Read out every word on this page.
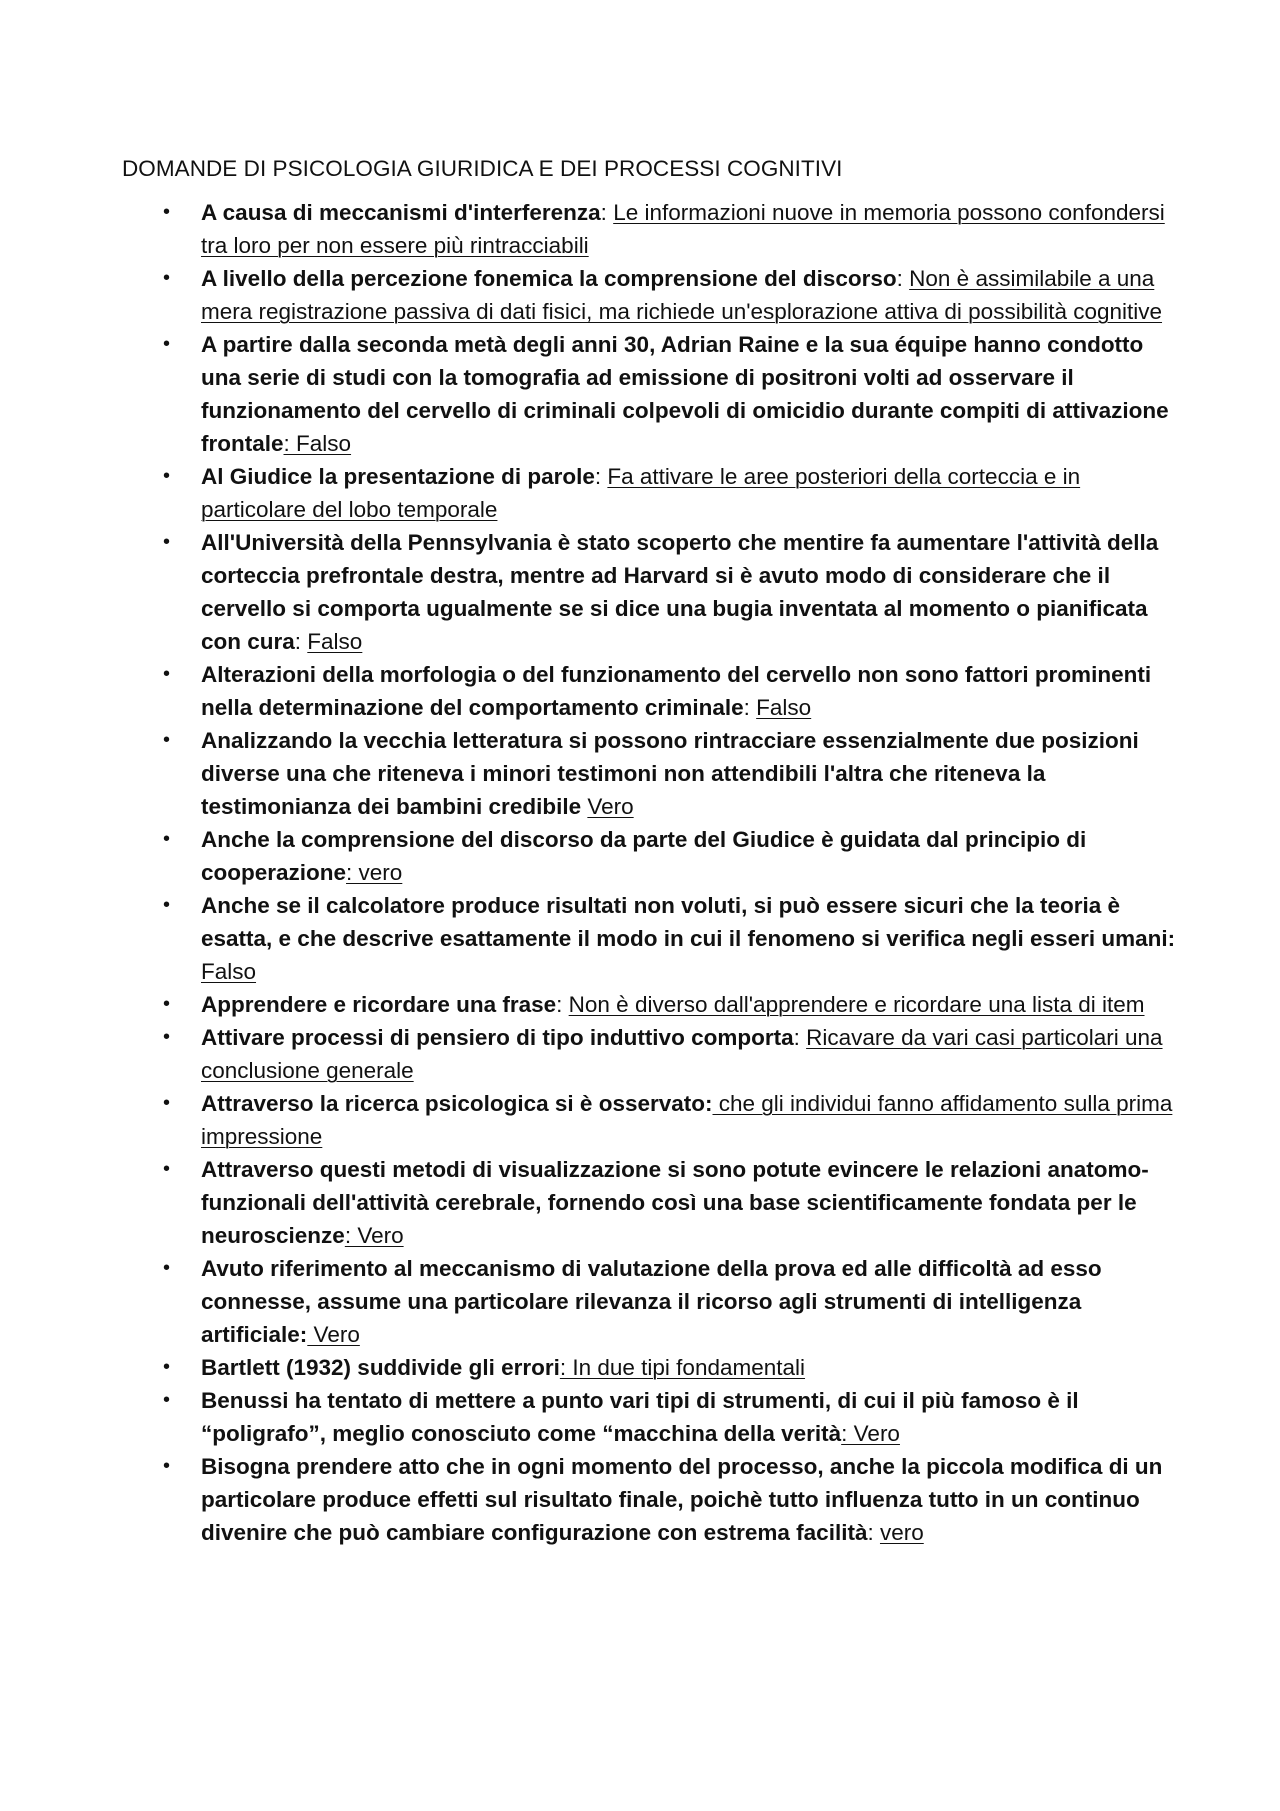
DOMANDE DI PSICOLOGIA GIURIDICA E DEI PROCESSI COGNITIVI
• A causa di meccanismi d'interferenza: Le informazioni nuove in memoria possono confondersi tra loro per non essere più rintracciabili
• A livello della percezione fonemica la comprensione del discorso: Non è assimilabile a una mera registrazione passiva di dati fisici, ma richiede un'esplorazione attiva di possibilità cognitive
• A partire dalla seconda metà degli anni 30, Adrian Raine e la sua équipe hanno condotto una serie di studi con la tomografia ad emissione di positroni volti ad osservare il funzionamento del cervello di criminali colpevoli di omicidio durante compiti di attivazione frontale: Falso
• Al Giudice la presentazione di parole: Fa attivare le aree posteriori della corteccia e in particolare del lobo temporale
• All'Università della Pennsylvania è stato scoperto che mentire fa aumentare l'attività della corteccia prefrontale destra, mentre ad Harvard si è avuto modo di considerare che il cervello si comporta ugualmente se si dice una bugia inventata al momento o pianificata con cura: Falso
• Alterazioni della morfologia o del funzionamento del cervello non sono fattori prominenti nella determinazione del comportamento criminale: Falso
• Analizzando la vecchia letteratura si possono rintracciare essenzialmente due posizioni diverse una che riteneva i minori testimoni non attendibili l'altra che riteneva la testimonianza dei bambini credibile Vero
• Anche la comprensione del discorso da parte del Giudice è guidata dal principio di cooperazione: vero
• Anche se il calcolatore produce risultati non voluti, si può essere sicuri che la teoria è esatta, e che descrive esattamente il modo in cui il fenomeno si verifica negli esseri umani: Falso
• Apprendere e ricordare una frase: Non è diverso dall'apprendere e ricordare una lista di item
• Attivare processi di pensiero di tipo induttivo comporta: Ricavare da vari casi particolari una conclusione generale
• Attraverso la ricerca psicologica si è osservato: che gli individui fanno affidamento sulla prima impressione
• Attraverso questi metodi di visualizzazione si sono potute evincere le relazioni anatomo-funzionali dell'attività cerebrale, fornendo così una base scientificamente fondata per le neuroscienze: Vero
• Avuto riferimento al meccanismo di valutazione della prova ed alle difficoltà ad esso connesse, assume una particolare rilevanza il ricorso agli strumenti di intelligenza artificiale: Vero
• Bartlett (1932) suddivide gli errori: In due tipi fondamentali
• Benussi ha tentato di mettere a punto vari tipi di strumenti, di cui il più famoso è il “poligrafo”, meglio conosciuto come “macchina della verità: Vero
• Bisogna prendere atto che in ogni momento del processo, anche la piccola modifica di un particolare produce effetti sul risultato finale, poichè tutto influenza tutto in un continuo divenire che può cambiare configurazione con estrema facilità: vero
